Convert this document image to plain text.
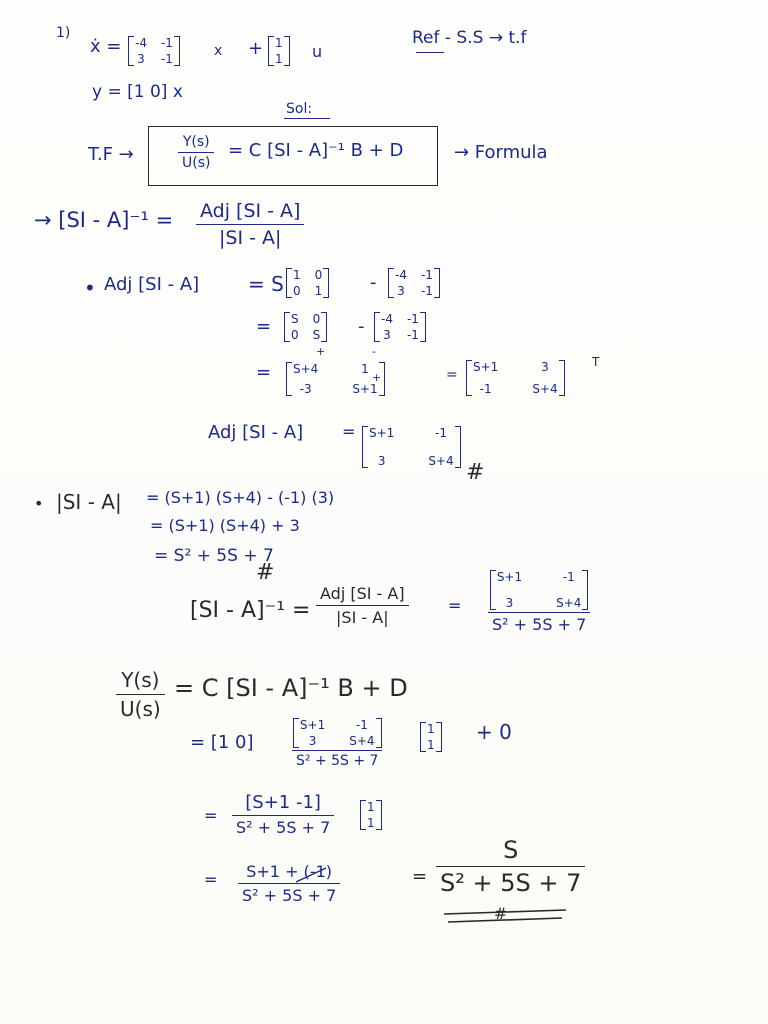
1)
ẋ = -4 -1
3 -1	x + 1
1 u
Ref - S.S → t.f
y = [1 0] x
Sol:
T.F →
Y(s)
U(s)
= C [SI - A]⁻¹ B + D	→ Formula
→ [SI - A]⁻¹ = Adj [SI - A]
|SI - A|
• Adj [SI - A] = S 1 0
0 1	- -4 -1
3 -1
= S 0
0 S - -4 -1
3 -1
=
+	-
+
S+4	1
-3	S+1
= S+1	3
-1	S+4
T
Adj [SI - A] = S+1	-1
3	S+4 #
• |SI - A| = (S+1) (S+4) - (-1) (3)
= (S+1) (S+4) + 3
= S² + 5S + 7
#
[SI - A]⁻¹ =
Adj [SI - A]
|SI - A|
=
S+1	-1
3	S+4
S² + 5S + 7
Y(s)
U(s)
= C [SI - A]⁻¹ B + D
= [1 0]
S+1	-1
3	S+4
S² + 5S + 7
1
1
+ 0
=
[S+1 -1]
S² + 5S + 7
1
1
=	S+1 + (-1)
S² + 5S + 7
=
S
S² + 5S + 7
#
